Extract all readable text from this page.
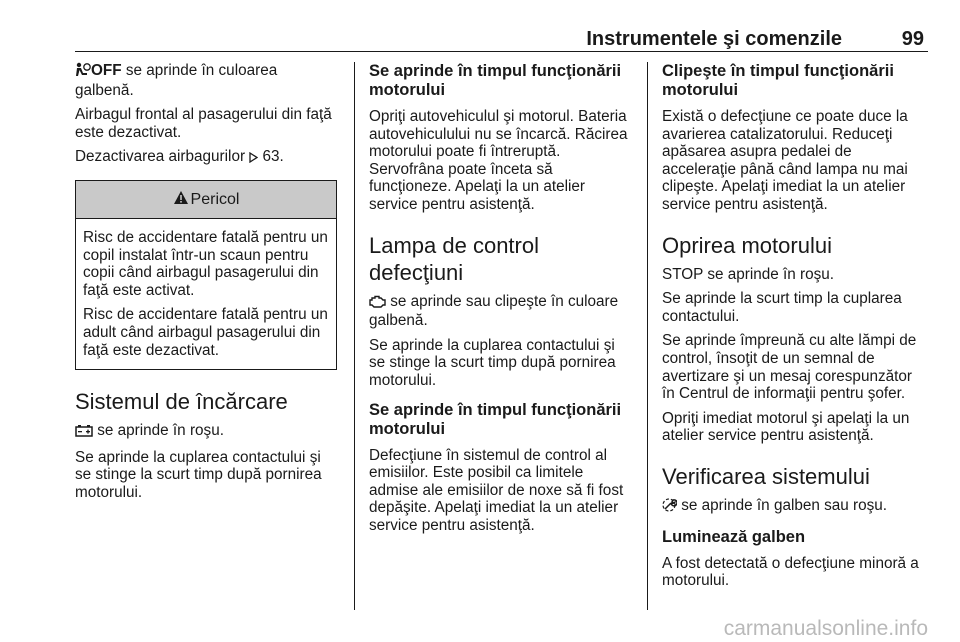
Instrumentele şi comenzile	99

OFF se aprinde în culoarea galbenă.

Airbagul frontal al pasagerului din faţă este dezactivat.

Dezactivarea airbagurilor  63.

Pericol

Risc de accidentare fatală pentru un copil instalat într-un scaun pentru copii când airbagul pasagerului din faţă este activat.

Risc de accidentare fatală pentru un adult când airbagul pasagerului din faţă este dezactivat.

Sistemul de încărcare

se aprinde în roşu.

Se aprinde la cuplarea contactului şi se stinge la scurt timp după pornirea motorului.

Se aprinde în timpul funcţionării motorului

Opriţi autovehiculul şi motorul. Bateria autovehiculului nu se încarcă. Răcirea motorului poate fi întreruptă. Servofrâna poate înceta să funcţioneze. Apelaţi la un atelier service pentru asistenţă.

Lampa de control defecţiuni

se aprinde sau clipeşte în culoare galbenă.

Se aprinde la cuplarea contactului şi se stinge la scurt timp după pornirea motorului.

Se aprinde în timpul funcţionării motorului

Defecţiune în sistemul de control al emisiilor. Este posibil ca limitele admise ale emisiilor de noxe să fi fost depăşite. Apelaţi imediat la un atelier service pentru asistenţă.

Clipeşte în timpul funcţionării motorului

Există o defecţiune ce poate duce la avarierea catalizatorului. Reduceţi apăsarea asupra pedalei de acceleraţie până când lampa nu mai clipeşte. Apelaţi imediat la un atelier service pentru asistenţă.

Oprirea motorului

STOP se aprinde în roşu.

Se aprinde la scurt timp la cuplarea contactului.

Se aprinde împreună cu alte lămpi de control, însoţit de un semnal de avertizare şi un mesaj corespunzător în Centrul de informaţii pentru şofer.

Opriţi imediat motorul şi apelaţi la un atelier service pentru asistenţă.

Verificarea sistemului

se aprinde în galben sau roşu.

Luminează galben

A fost detectată o defecţiune minoră a motorului.

carmanualsonline.info
